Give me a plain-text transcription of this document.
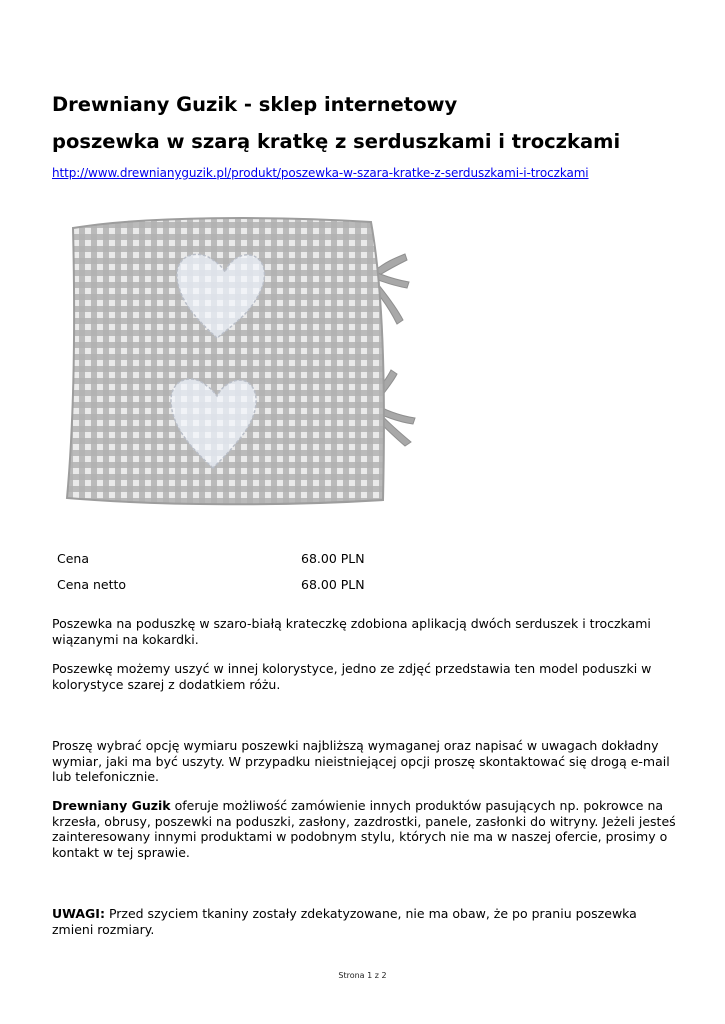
Drewniany Guzik - sklep internetowy
poszewka w szarą kratkę z serduszkami i troczkami
http://www.drewnianyguzik.pl/produkt/poszewka-w-szara-kratke-z-serduszkami-i-troczkami
Cena	68.00 PLN
Cena netto	68.00 PLN

Poszewka na poduszkę w szaro-białą krateczkę zdobiona aplikacją dwóch serduszek i troczkami wiązanymi na kokardki.

Poszewkę możemy uszyć w innej kolorystyce, jedno ze zdjęć przedstawia ten model poduszki w kolorystyce szarej z dodatkiem różu.

Proszę wybrać opcję wymiaru poszewki najbliższą wymaganej oraz napisać w uwagach dokładny wymiar, jaki ma być uszyty. W przypadku nieistniejącej opcji proszę skontaktować się drogą e-mail lub telefonicznie.

Drewniany Guzik oferuje możliwość zamówienie innych produktów pasujących np. pokrowce na krzesła, obrusy, poszewki na poduszki, zasłony, zazdrostki, panele, zasłonki do witryny. Jeżeli jesteś zainteresowany innymi produktami w podobnym stylu, których nie ma w naszej ofercie, prosimy o kontakt w tej sprawie.

UWAGI: Przed szyciem tkaniny zostały zdekatyzowane, nie ma obaw, że po praniu poszewka zmieni rozmiary.

Strona 1 z 2
